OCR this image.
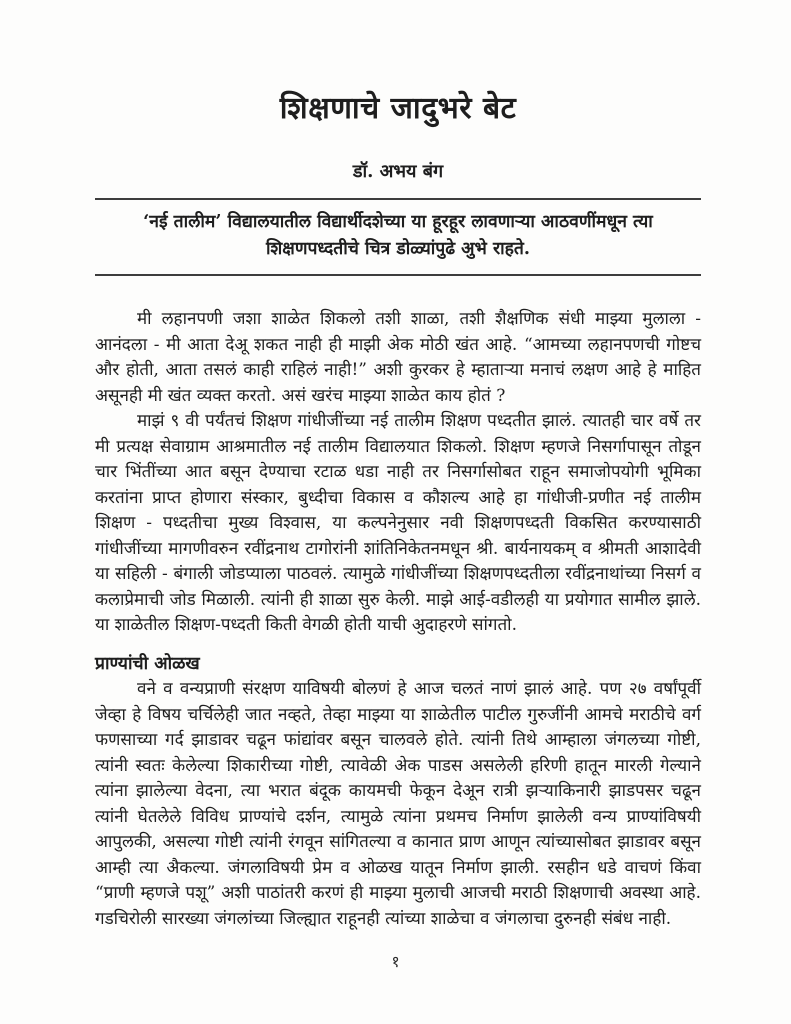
शिक्षणाचे जादुभरे बेट
डॉ. अभय बंग
‘नई तालीम’ विद्यालयातील विद्यार्थीदशेच्या या हूरहूर लावणाऱ्या आठवणींमधून त्या
शिक्षणपध्दतीचे चित्र डोळ्यांपुढे अुभे राहते.

मी लहानपणी जशा शाळेत शिकलो तशी शाळा, तशी शैक्षणिक संधी माझ्या मुलाला - आनंदला - मी आता देअू शकत नाही ही माझी अेक मोठी खंत आहे. “आमच्या लहानपणची गोष्टच और होती, आता तसलं काही राहिलं नाही!” अशी कुरकर हे म्हाताऱ्या मनाचं लक्षण आहे हे माहित असूनही मी खंत व्यक्त करतो. असं खरंच माझ्या शाळेत काय होतं ?

माझं ९ वी पर्यंतचं शिक्षण गांधीजींच्या नई तालीम शिक्षण पध्दतीत झालं. त्यातही चार वर्षे तर मी प्रत्यक्ष सेवाग्राम आश्रमातील नई तालीम विद्यालयात शिकलो. शिक्षण म्हणजे निसर्गापासून तोडून चार भिंतींच्या आत बसून देण्याचा रटाळ धडा नाही तर निसर्गासोबत राहून समाजोपयोगी भूमिका करतांना प्राप्त होणारा संस्कार, बुध्दीचा विकास व कौशल्य आहे हा गांधीजी-प्रणीत नई तालीम शिक्षण - पध्दतीचा मुख्य विश्वास, या कल्पनेनुसार नवी शिक्षणपध्दती विकसित करण्यासाठी गांधीजींच्या मागणीवरुन रवींद्रनाथ टागोरांनी शांतिनिकेतनमधून श्री. बार्यनायकम् व श्रीमती आशादेवी या सहिली - बंगाली जोडप्याला पाठवलं. त्यामुळे गांधीजींच्या शिक्षणपध्दतीला रवींद्रनाथांच्या निसर्ग व कलाप्रेमाची जोड मिळाली. त्यांनी ही शाळा सुरु केली. माझे आई-वडीलही या प्रयोगात सामील झाले. या शाळेतील शिक्षण-पध्दती किती वेगळी होती याची अुदाहरणे सांगतो.

प्राण्यांची ओळख

वने व वन्यप्राणी संरक्षण याविषयी बोलणं हे आज चलतं नाणं झालं आहे. पण २७ वर्षांपूर्वी जेव्हा हे विषय चर्चिलेही जात नव्हते, तेव्हा माझ्या या शाळेतील पाटील गुरुजींनी आमचे मराठीचे वर्ग फणसाच्या गर्द झाडावर चढून फांद्यांवर बसून चालवले होते. त्यांनी तिथे आम्हाला जंगलच्या गोष्टी, त्यांनी स्वतः केलेल्या शिकारीच्या गोष्टी, त्यावेळी अेक पाडस असलेली हरिणी हातून मारली गेल्याने त्यांना झालेल्या वेदना, त्या भरात बंदूक कायमची फेकून देअून रात्री झऱ्याकिनारी झाडपसर चढून त्यांनी घेतलेले विविध प्राण्यांचे दर्शन, त्यामुळे त्यांना प्रथमच निर्माण झालेली वन्य प्राण्यांविषयी आपुलकी, असल्या गोष्टी त्यांनी रंगवून सांगितल्या व कानात प्राण आणून त्यांच्यासोबत झाडावर बसून आम्ही त्या अैकल्या. जंगलाविषयी प्रेम व ओळख यातून निर्माण झाली. रसहीन धडे वाचणं किंवा “प्राणी म्हणजे पशू” अशी पाठांतरी करणं ही माझ्या मुलाची आजची मराठी शिक्षणाची अवस्था आहे. गडचिरोली सारख्या जंगलांच्या जिल्ह्यात राहूनही त्यांच्या शाळेचा व जंगलाचा दुरुनही संबंध नाही.

१
